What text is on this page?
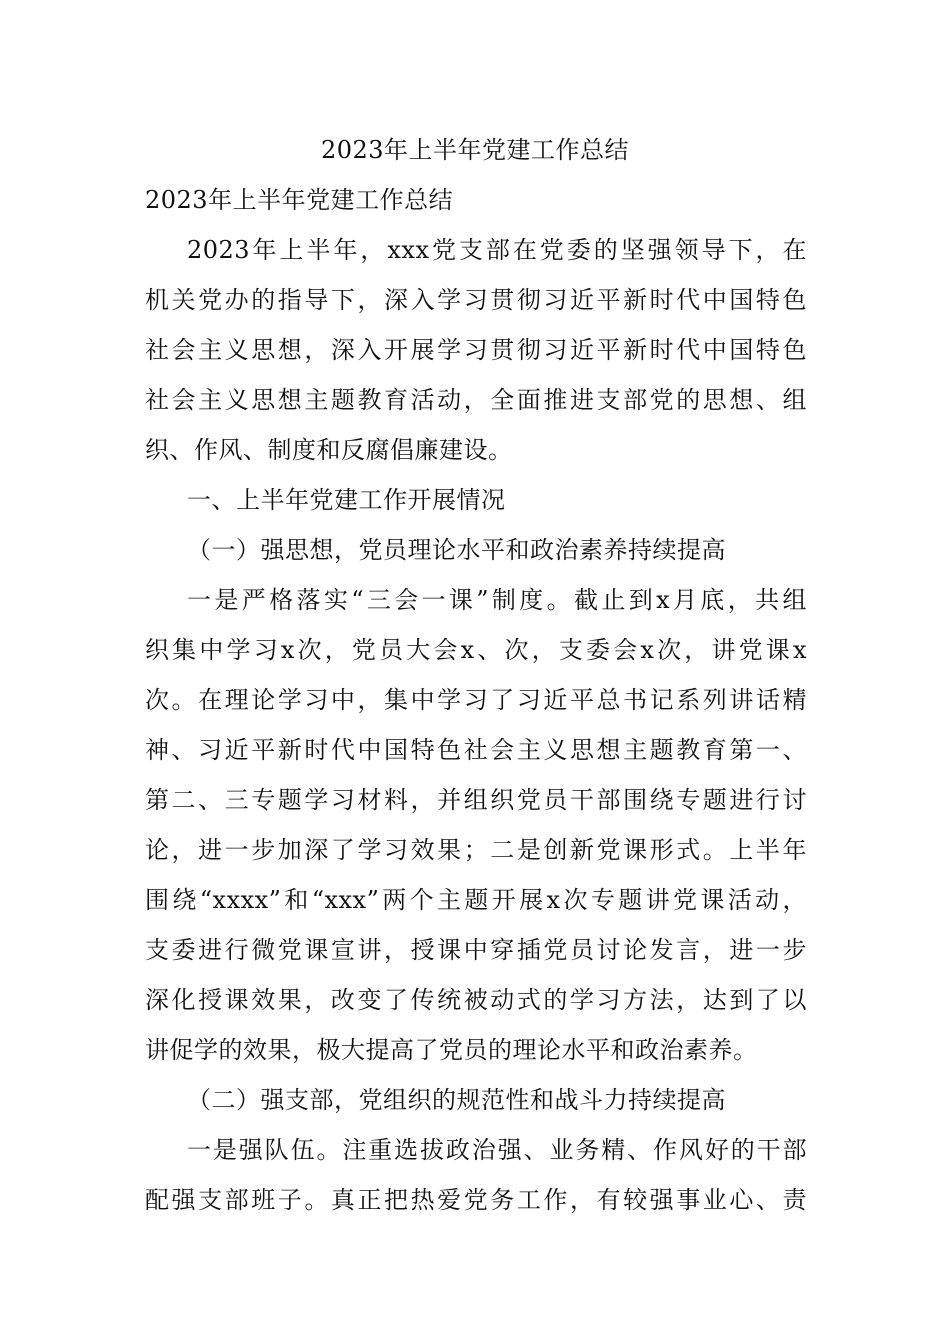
2023年上半年党建工作总结
2023年上半年党建工作总结
2023年上半年，xxx党支部在党委的坚强领导下，在
机关党办的指导下，深入学习贯彻习近平新时代中国特色
社会主义思想，深入开展学习贯彻习近平新时代中国特色
社会主义思想主题教育活动，全面推进支部党的思想、组
织、作风、制度和反腐倡廉建设。
一、上半年党建工作开展情况
（一）强思想，党员理论水平和政治素养持续提高
一是严格落实“三会一课”制度。截止到x月底，共组
织集中学习x次，党员大会x、次，支委会x次，讲党课x
次。在理论学习中，集中学习了习近平总书记系列讲话精
神、习近平新时代中国特色社会主义思想主题教育第一、
第二、三专题学习材料，并组织党员干部围绕专题进行讨
论，进一步加深了学习效果；二是创新党课形式。上半年
围绕“xxxx”和“xxx”两个主题开展x次专题讲党课活动，
支委进行微党课宣讲，授课中穿插党员讨论发言，进一步
深化授课效果，改变了传统被动式的学习方法，达到了以
讲促学的效果，极大提高了党员的理论水平和政治素养。
（二）强支部，党组织的规范性和战斗力持续提高
一是强队伍。注重选拔政治强、业务精、作风好的干部
配强支部班子。真正把热爱党务工作，有较强事业心、责
